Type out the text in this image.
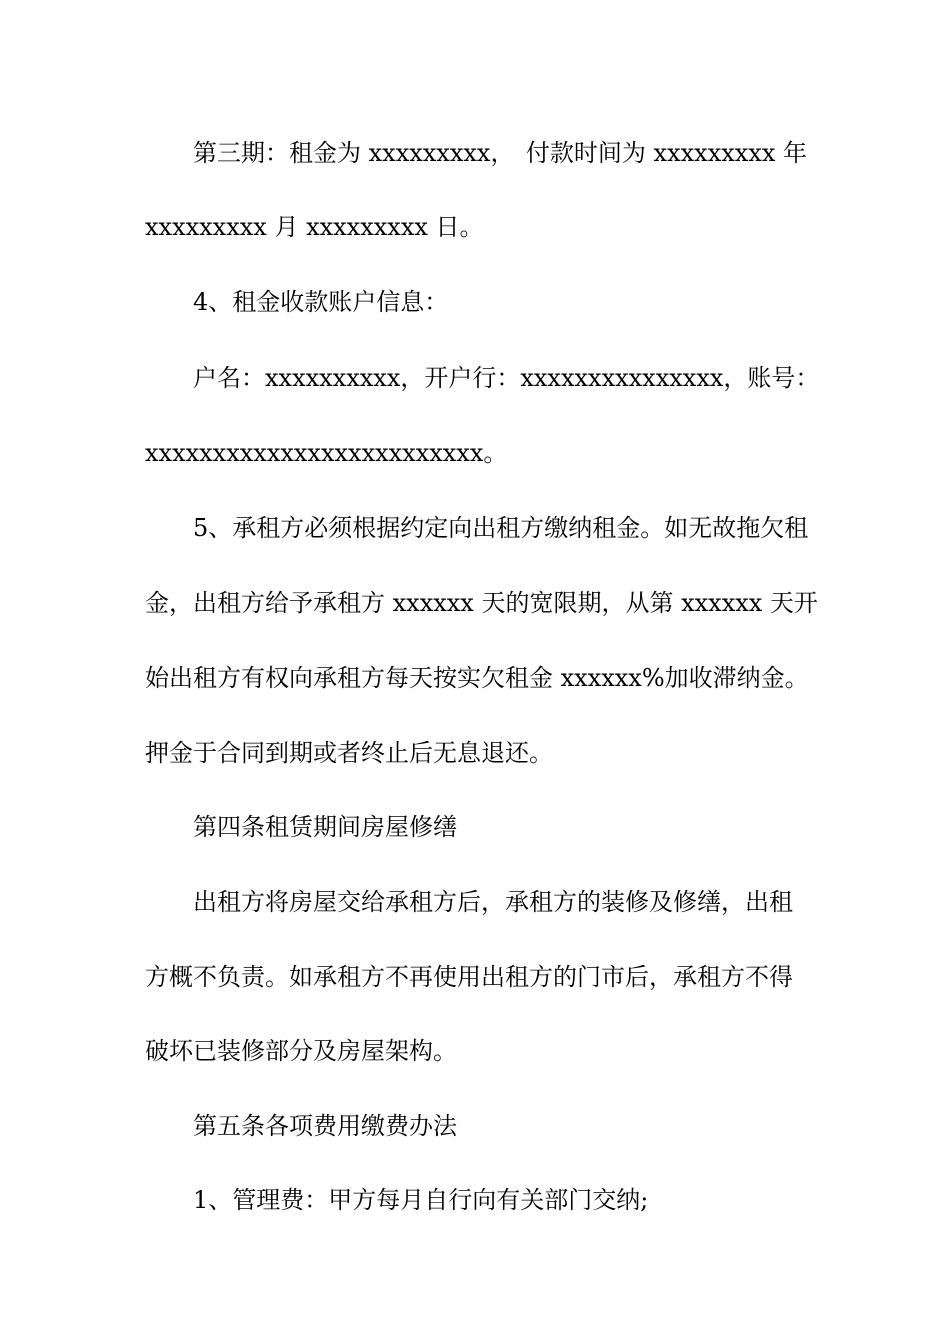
第三期：租金为 xxxxxxxxx， 付款时间为 xxxxxxxxx 年
xxxxxxxxx 月 xxxxxxxxx 日。
4、租金收款账户信息：
户名：xxxxxxxxxx， 开户行：xxxxxxxxxxxxxxx， 账号：
xxxxxxxxxxxxxxxxxxxxxxxxx。
5、承租方必须根据约定向出租方缴纳租金。如无故拖欠租
金，出租方给予承租方 xxxxxx 天的宽限期，从第 xxxxxx 天开
始出租方有权向承租方每天按实欠租金 xxxxxx%加收滞纳金。
押金于合同到期或者终止后无息退还。
第四条租赁期间房屋修缮
出租方将房屋交给承租方后，承租方的装修及修缮，出租
方概不负责。如承租方不再使用出租方的门市后，承租方不得
破坏已装修部分及房屋架构。
第五条各项费用缴费办法
1、管理费：甲方每月自行向有关部门交纳;
